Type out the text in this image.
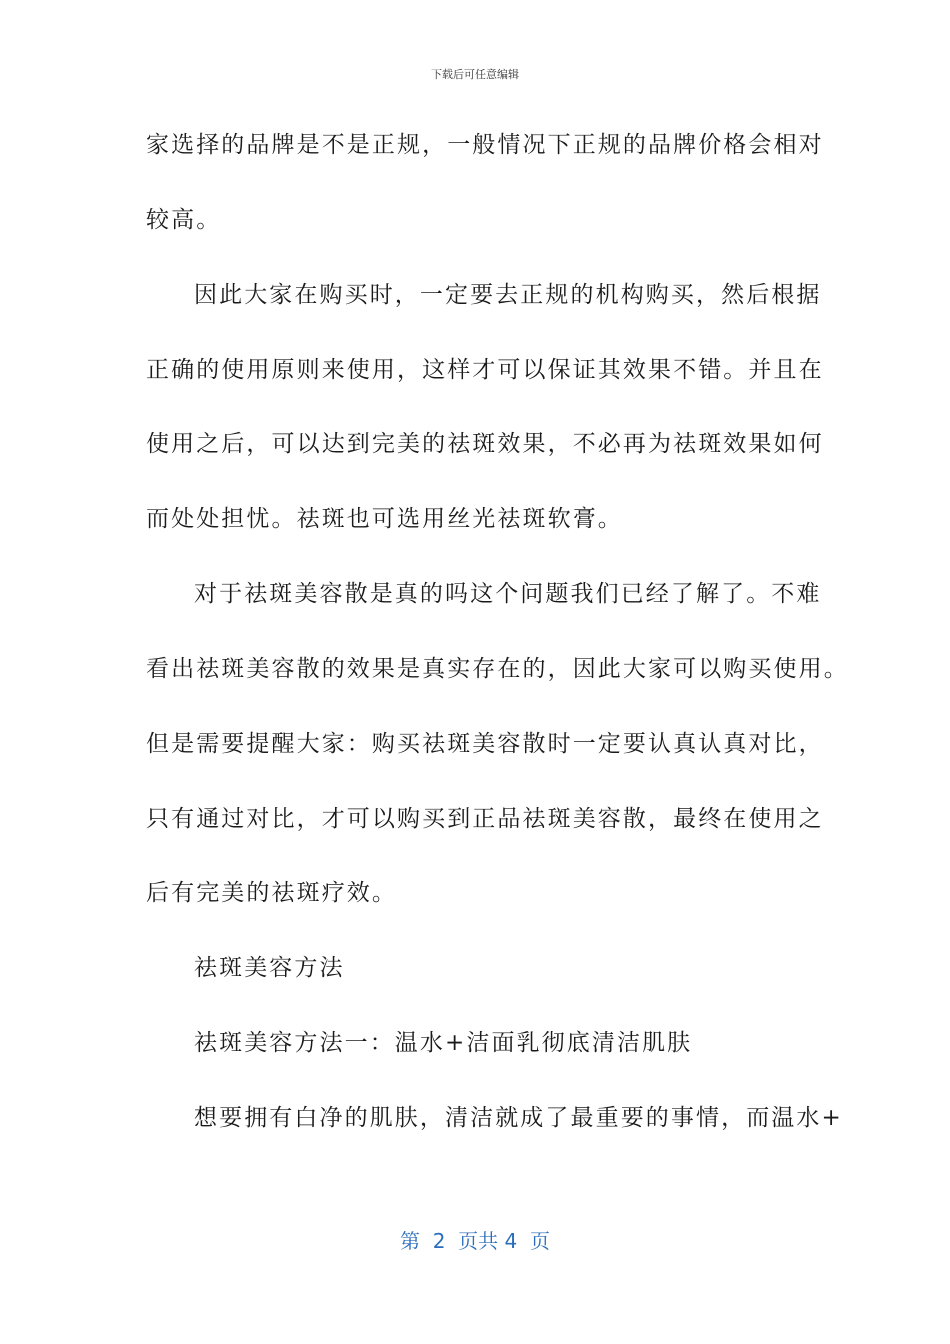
下载后可任意编辑
家选择的品牌是不是正规，一般情况下正规的品牌价格会相对
较高。
因此大家在购买时，一定要去正规的机构购买，然后根据
正确的使用原则来使用，这样才可以保证其效果不错。并且在
使用之后，可以达到完美的祛斑效果，不必再为祛斑效果如何
而处处担忧。祛斑也可选用丝光祛斑软膏。
对于祛斑美容散是真的吗这个问题我们已经了解了。不难
看出祛斑美容散的效果是真实存在的，因此大家可以购买使用。
但是需要提醒大家：购买祛斑美容散时一定要认真认真对比，
只有通过对比，才可以购买到正品祛斑美容散，最终在使用之
后有完美的祛斑疗效。
祛斑美容方法
祛斑美容方法一：温水+洁面乳彻底清洁肌肤
想要拥有白净的肌肤，清洁就成了最重要的事情，而温水+
第  2  页共 4  页
